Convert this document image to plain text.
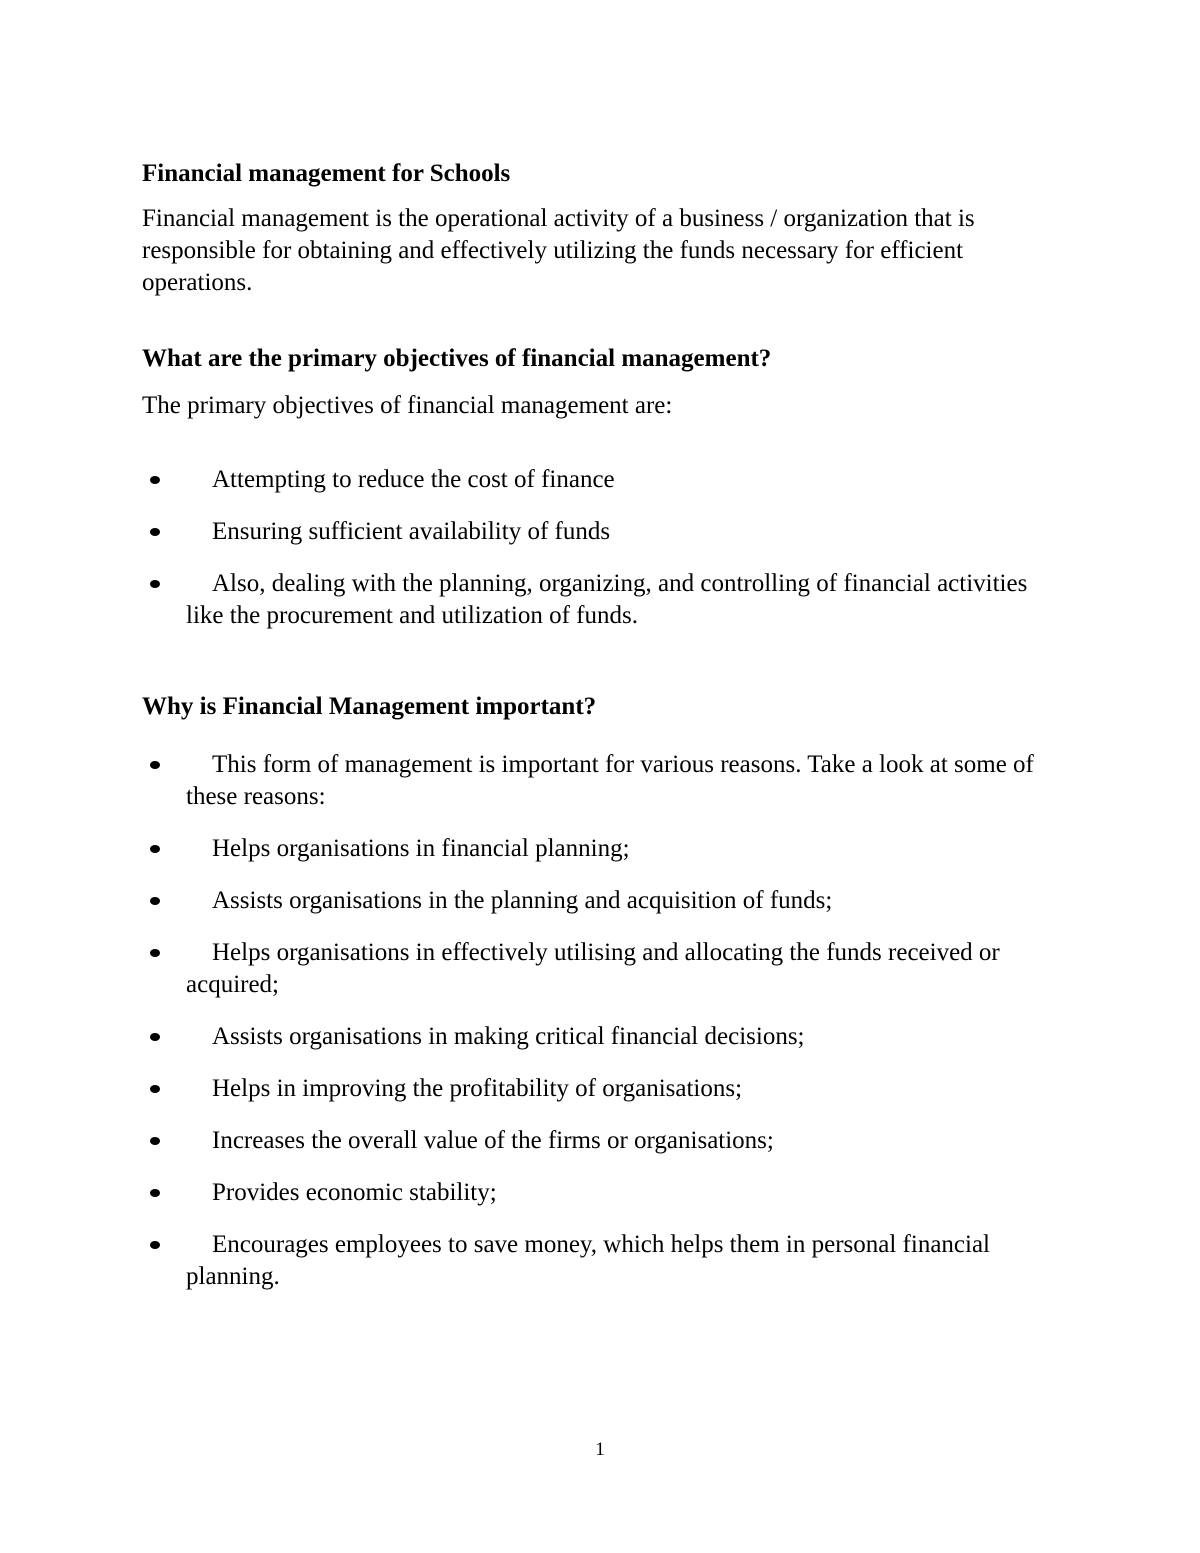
Financial management for Schools

Financial management is the operational activity of a business / organization that is responsible for obtaining and effectively utilizing the funds necessary for efficient operations.

What are the primary objectives of financial management?
The primary objectives of financial management are:
Attempting to reduce the cost of finance
Ensuring sufficient availability of funds
Also, dealing with the planning, organizing, and controlling of financial activities like the procurement and utilization of funds.
Why is Financial Management important?
This form of management is important for various reasons. Take a look at some of these reasons:
Helps organisations in financial planning;
Assists organisations in the planning and acquisition of funds;
Helps organisations in effectively utilising and allocating the funds received or acquired;
Assists organisations in making critical financial decisions;
Helps in improving the profitability of organisations;
Increases the overall value of the firms or organisations;
Provides economic stability;
Encourages employees to save money, which helps them in personal financial planning.
1
